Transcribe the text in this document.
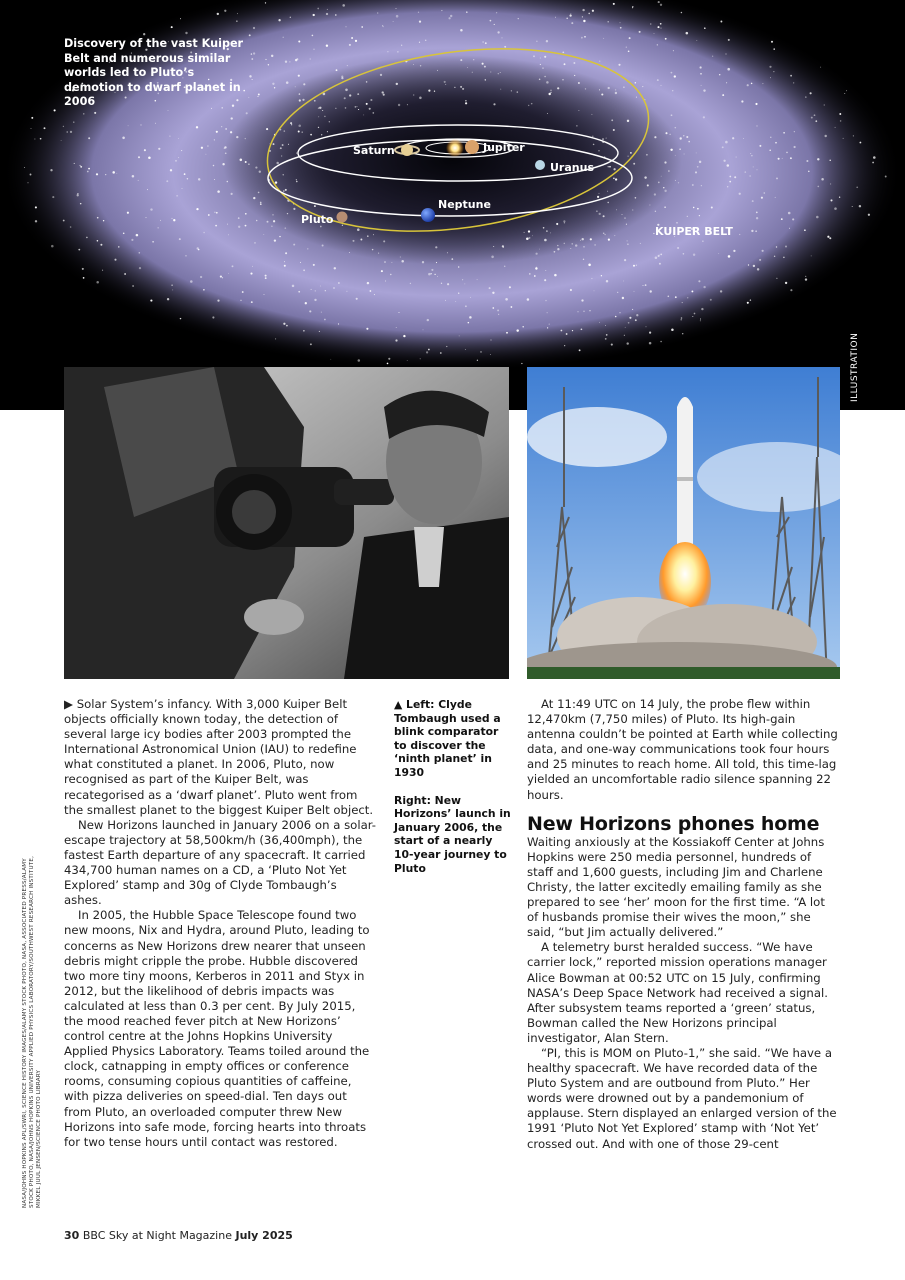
Saturn	Jupiter
Uranus
Neptune
Pluto
KUIPER BELT
Discovery of the vast Kuiper Belt and numerous similar worlds led to Pluto’s demotion to dwarf planet in 2006
ILLUSTRATION
NASA/JOHNS HOPKINS APL/SWRI, SCIENCE HISTORY IMAGES/ALAMY STOCK PHOTO, NASA, ASSOCIATED PRESS/ALAMY STOCK PHOTO, NASA/JOHNS HOPKINS UNIVERSITY APPLIED PHYSICS LABORATORY/SOUTHWEST RESEARCH INSTITUTE, MIKKEL JUUL JENSEN/SCIENCE PHOTO LIBRARY

▶ Solar System’s infancy. With 3,000 Kuiper Belt objects officially known today, the detection of several large icy bodies after 2003 prompted the International Astronomical Union (IAU) to redefine what constituted a planet. In 2006, Pluto, now recognised as part of the Kuiper Belt, was recategorised as a ‘dwarf planet’. Pluto went from the smallest planet to the biggest Kuiper Belt object.

New Horizons launched in January 2006 on a solar-escape trajectory at 58,500km/h (36,400mph), the fastest Earth departure of any spacecraft. It carried 434,700 human names on a CD, a ‘Pluto Not Yet Explored’ stamp and 30g of Clyde Tombaugh’s ashes.

In 2005, the Hubble Space Telescope found two new moons, Nix and Hydra, around Pluto, leading to concerns as New Horizons drew nearer that unseen debris might cripple the probe. Hubble discovered two more tiny moons, Kerberos in 2011 and Styx in 2012, but the likelihood of debris impacts was calculated at less than 0.3 per cent. By July 2015, the mood reached fever pitch at New Horizons’ control centre at the Johns Hopkins University Applied Physics Laboratory. Teams toiled around the clock, catnapping in empty offices or conference rooms, consuming copious quantities of caffeine, with pizza deliveries on speed-dial. Ten days out from Pluto, an overloaded computer threw New Horizons into safe mode, forcing hearts into throats for two tense hours until contact was restored.

▲ Left: Clyde Tombaugh used a blink comparator to discover the ‘ninth planet’ in 1930

Right: New Horizons’ launch in January 2006, the start of a nearly 10-year journey to Pluto

At 11:49 UTC on 14 July, the probe flew within 12,470km (7,750 miles) of Pluto. Its high-gain antenna couldn’t be pointed at Earth while collecting data, and one-way communications took four hours and 25 minutes to reach home. All told, this time-lag yielded an uncomfortable radio silence spanning 22 hours.

New Horizons phones home

Waiting anxiously at the Kossiakoff Center at Johns Hopkins were 250 media personnel, hundreds of staff and 1,600 guests, including Jim and Charlene Christy, the latter excitedly emailing family as she prepared to see ‘her’ moon for the first time. “A lot of husbands promise their wives the moon,” she said, “but Jim actually delivered.”

A telemetry burst heralded success. “We have carrier lock,” reported mission operations manager Alice Bowman at 00:52 UTC on 15 July, confirming NASA’s Deep Space Network had received a signal. After subsystem teams reported a ‘green’ status, Bowman called the New Horizons principal investigator, Alan Stern.

“PI, this is MOM on Pluto-1,” she said. “We have a healthy spacecraft. We have recorded data of the Pluto System and are outbound from Pluto.” Her words were drowned out by a pandemonium of applause. Stern displayed an enlarged version of the 1991 ‘Pluto Not Yet Explored’ stamp with ‘Not Yet’ crossed out. And with one of those 29-cent

30 BBC Sky at Night Magazine July 2025
